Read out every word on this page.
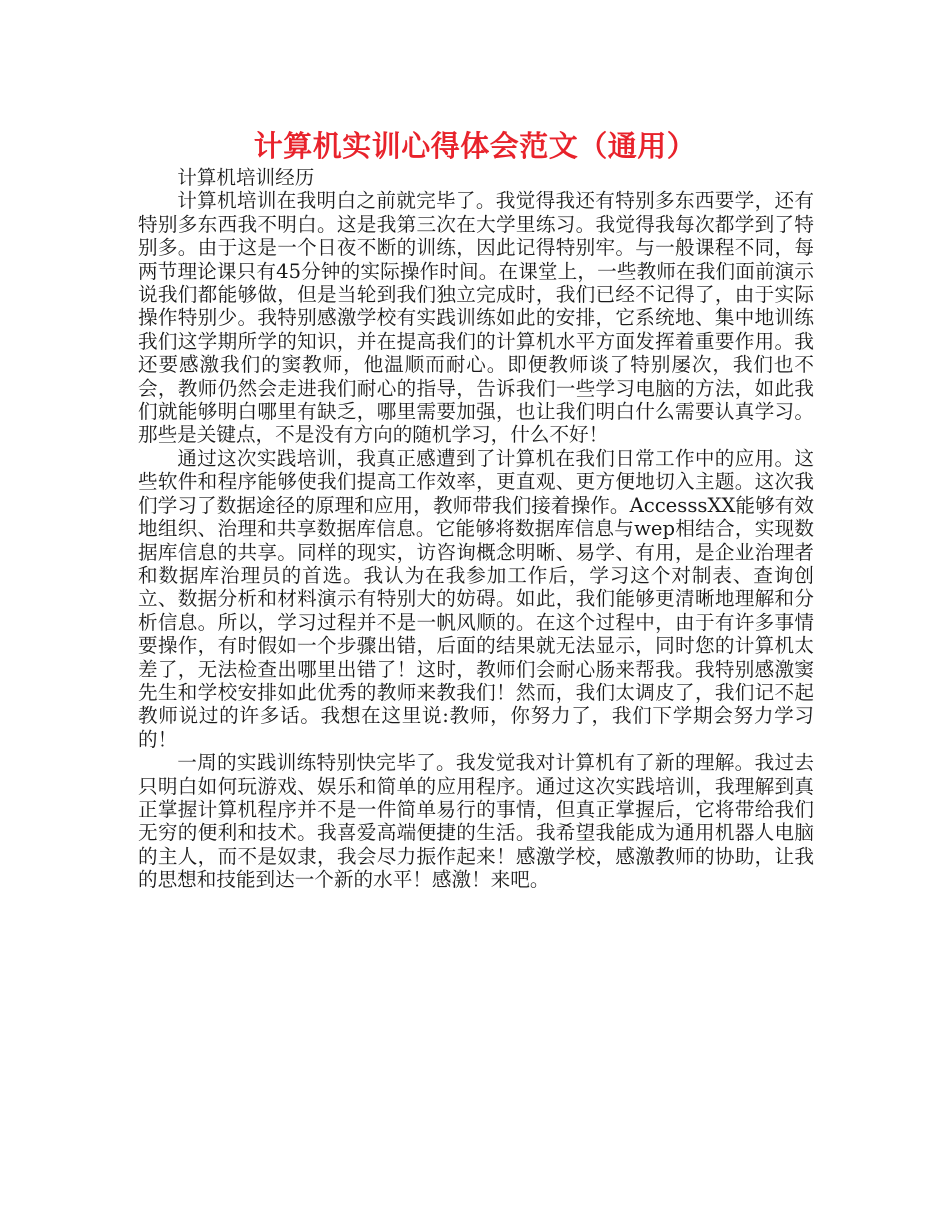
计算机实训心得体会范文（通用）

计算机培训经历

计算机培训在我明白之前就完毕了。我觉得我还有特别多东西要学，还有特别多东西我不明白。这是我第三次在大学里练习。我觉得我每次都学到了特别多。由于这是一个日夜不断的训练，因此记得特别牢。与一般课程不同，每两节理论课只有45分钟的实际操作时间。在课堂上，一些教师在我们面前演示说我们都能够做，但是当轮到我们独立完成时，我们已经不记得了，由于实际操作特别少。我特别感激学校有实践训练如此的安排，它系统地、集中地训练我们这学期所学的知识，并在提高我们的计算机水平方面发挥着重要作用。我还要感激我们的窦教师，他温顺而耐心。即便教师谈了特别屡次，我们也不会，教师仍然会走进我们耐心的指导，告诉我们一些学习电脑的方法，如此我们就能够明白哪里有缺乏，哪里需要加强，也让我们明白什么需要认真学习。那些是关键点，不是没有方向的随机学习，什么不好！

通过这次实践培训，我真正感遭到了计算机在我们日常工作中的应用。这些软件和程序能够使我们提高工作效率，更直观、更方便地切入主题。这次我们学习了数据途径的原理和应用，教师带我们接着操作。AccesssXX能够有效地组织、治理和共享数据库信息。它能够将数据库信息与wep相结合，实现数据库信息的共享。同样的现实，访咨询概念明晰、易学、有用，是企业治理者和数据库治理员的首选。我认为在我参加工作后，学习这个对制表、查询创立、数据分析和材料演示有特别大的妨碍。如此，我们能够更清晰地理解和分析信息。所以，学习过程并不是一帆风顺的。在这个过程中，由于有许多事情要操作，有时假如一个步骤出错，后面的结果就无法显示，同时您的计算机太差了，无法检查出哪里出错了！这时，教师们会耐心肠来帮我。我特别感激窦先生和学校安排如此优秀的教师来教我们！然而，我们太调皮了，我们记不起教师说过的许多话。我想在这里说:教师，你努力了，我们下学期会努力学习的！

一周的实践训练特别快完毕了。我发觉我对计算机有了新的理解。我过去只明白如何玩游戏、娱乐和简单的应用程序。通过这次实践培训，我理解到真正掌握计算机程序并不是一件简单易行的事情，但真正掌握后，它将带给我们无穷的便利和技术。我喜爱高端便捷的生活。我希望我能成为通用机器人电脑的主人，而不是奴隶，我会尽力振作起来！感激学校，感激教师的协助，让我的思想和技能到达一个新的水平！感激！来吧。
